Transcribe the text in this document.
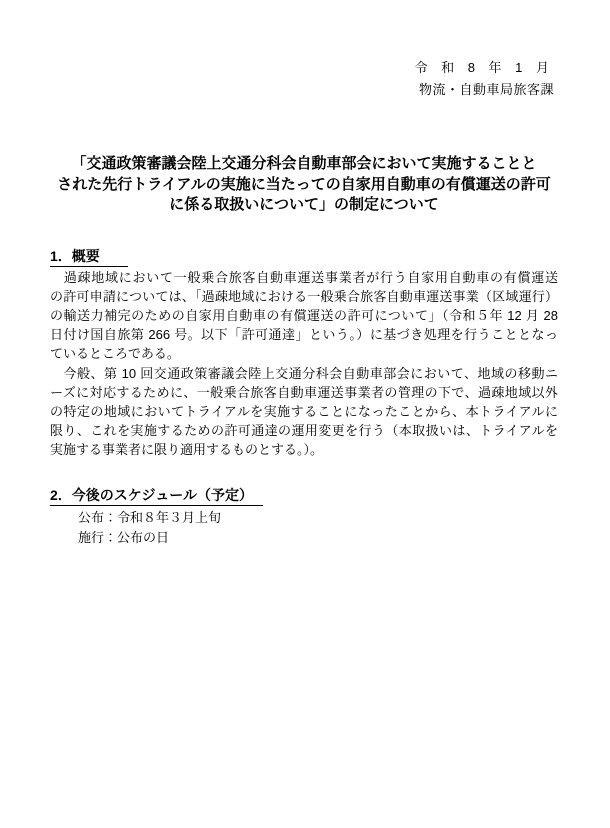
令 和 8 年 1 月
物流・自動車局旅客課
「交通政策審議会陸上交通分科会自動車部会において実施することと
された先行トライアルの実施に当たっての自家用自動車の有償運送の許可
に係る取扱いについて」の制定について
1．概要
　過疎地域において一般乗合旅客自動車運送事業者が行う自家用自動車の有償運送
の許可申請については、「過疎地域における一般乗合旅客自動車運送事業（区域運行）
の輸送力補完のための自家用自動車の有償運送の許可について」（令和５年 12 月 28
日付け国自旅第 266 号。以下「許可通達」という。）に基づき処理を行うこととなっ
ているところである。
　今般、第 10 回交通政策審議会陸上交通分科会自動車部会において、地域の移動ニ
ーズに対応するために、一般乗合旅客自動車運送事業者の管理の下で、過疎地域以外
の特定の地域においてトライアルを実施することになったことから、本トライアルに
限り、これを実施するための許可通達の運用変更を行う（本取扱いは、トライアルを
実施する事業者に限り適用するものとする。）。
2．今後のスケジュール（予定）
公布：令和８年３月上旬
施行：公布の日
